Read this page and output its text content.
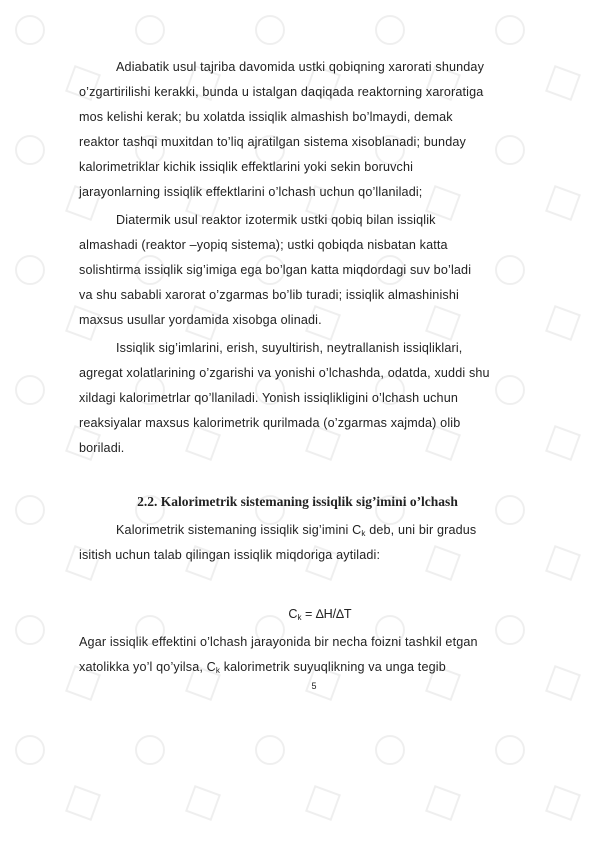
Adiabatik usul tajriba davomida ustki qobiqning xarorati shunday
o’zgartirilishi kerakki, bunda u istalgan daqiqada reaktorning xaroratiga
mos kelishi kerak; bu xolatda issiqlik almashish bo’lmaydi, demak
reaktor tashqi muxitdan to’liq ajratilgan sistema xisoblanadi; bunday
kalorimetriklar kichik issiqlik effektlarini yoki sekin boruvchi
jarayonlarning issiqlik effektlarini o’lchash uchun qo’llaniladi;
Diatermik usul reaktor izotermik ustki qobiq bilan issiqlik
almashadi (reaktor –yopiq sistema); ustki qobiqda nisbatan katta
solishtirma issiqlik sig’imiga ega bo’lgan katta miqdordagi suv bo’ladi
va shu sababli xarorat o’zgarmas bo’lib turadi; issiqlik almashinishi
maxsus usullar yordamida xisobga olinadi.
Issiqlik sig’imlarini, erish, suyultirish, neytrallanish issiqliklari,
agregat xolatlarining o’zgarishi va yonishi o’lchashda, odatda, xuddi shu
xildagi kalorimetrlar qo’llaniladi. Yonish issiqlikligini o’lchash uchun
reaksiyalar maxsus kalorimetrik qurilmada (o’zgarmas xajmda) olib
boriladi.
2.2. Kalorimetrik sistemaning issiqlik sig’imini o’lchash
Kalorimetrik sistemaning issiqlik sig’imini $C_k$ deb, uni bir gradus
isitish uchun talab qilingan issiqlik miqdoriga aytiladi:
$C_k = \Delta H/\Delta T$
Agar issiqlik effektini o’lchash jarayonida bir necha foizni tashkil etgan
xatolikka yo’l qo’yilsa, $C_k$ kalorimetrik suyuqlikning va unga tegib
5
